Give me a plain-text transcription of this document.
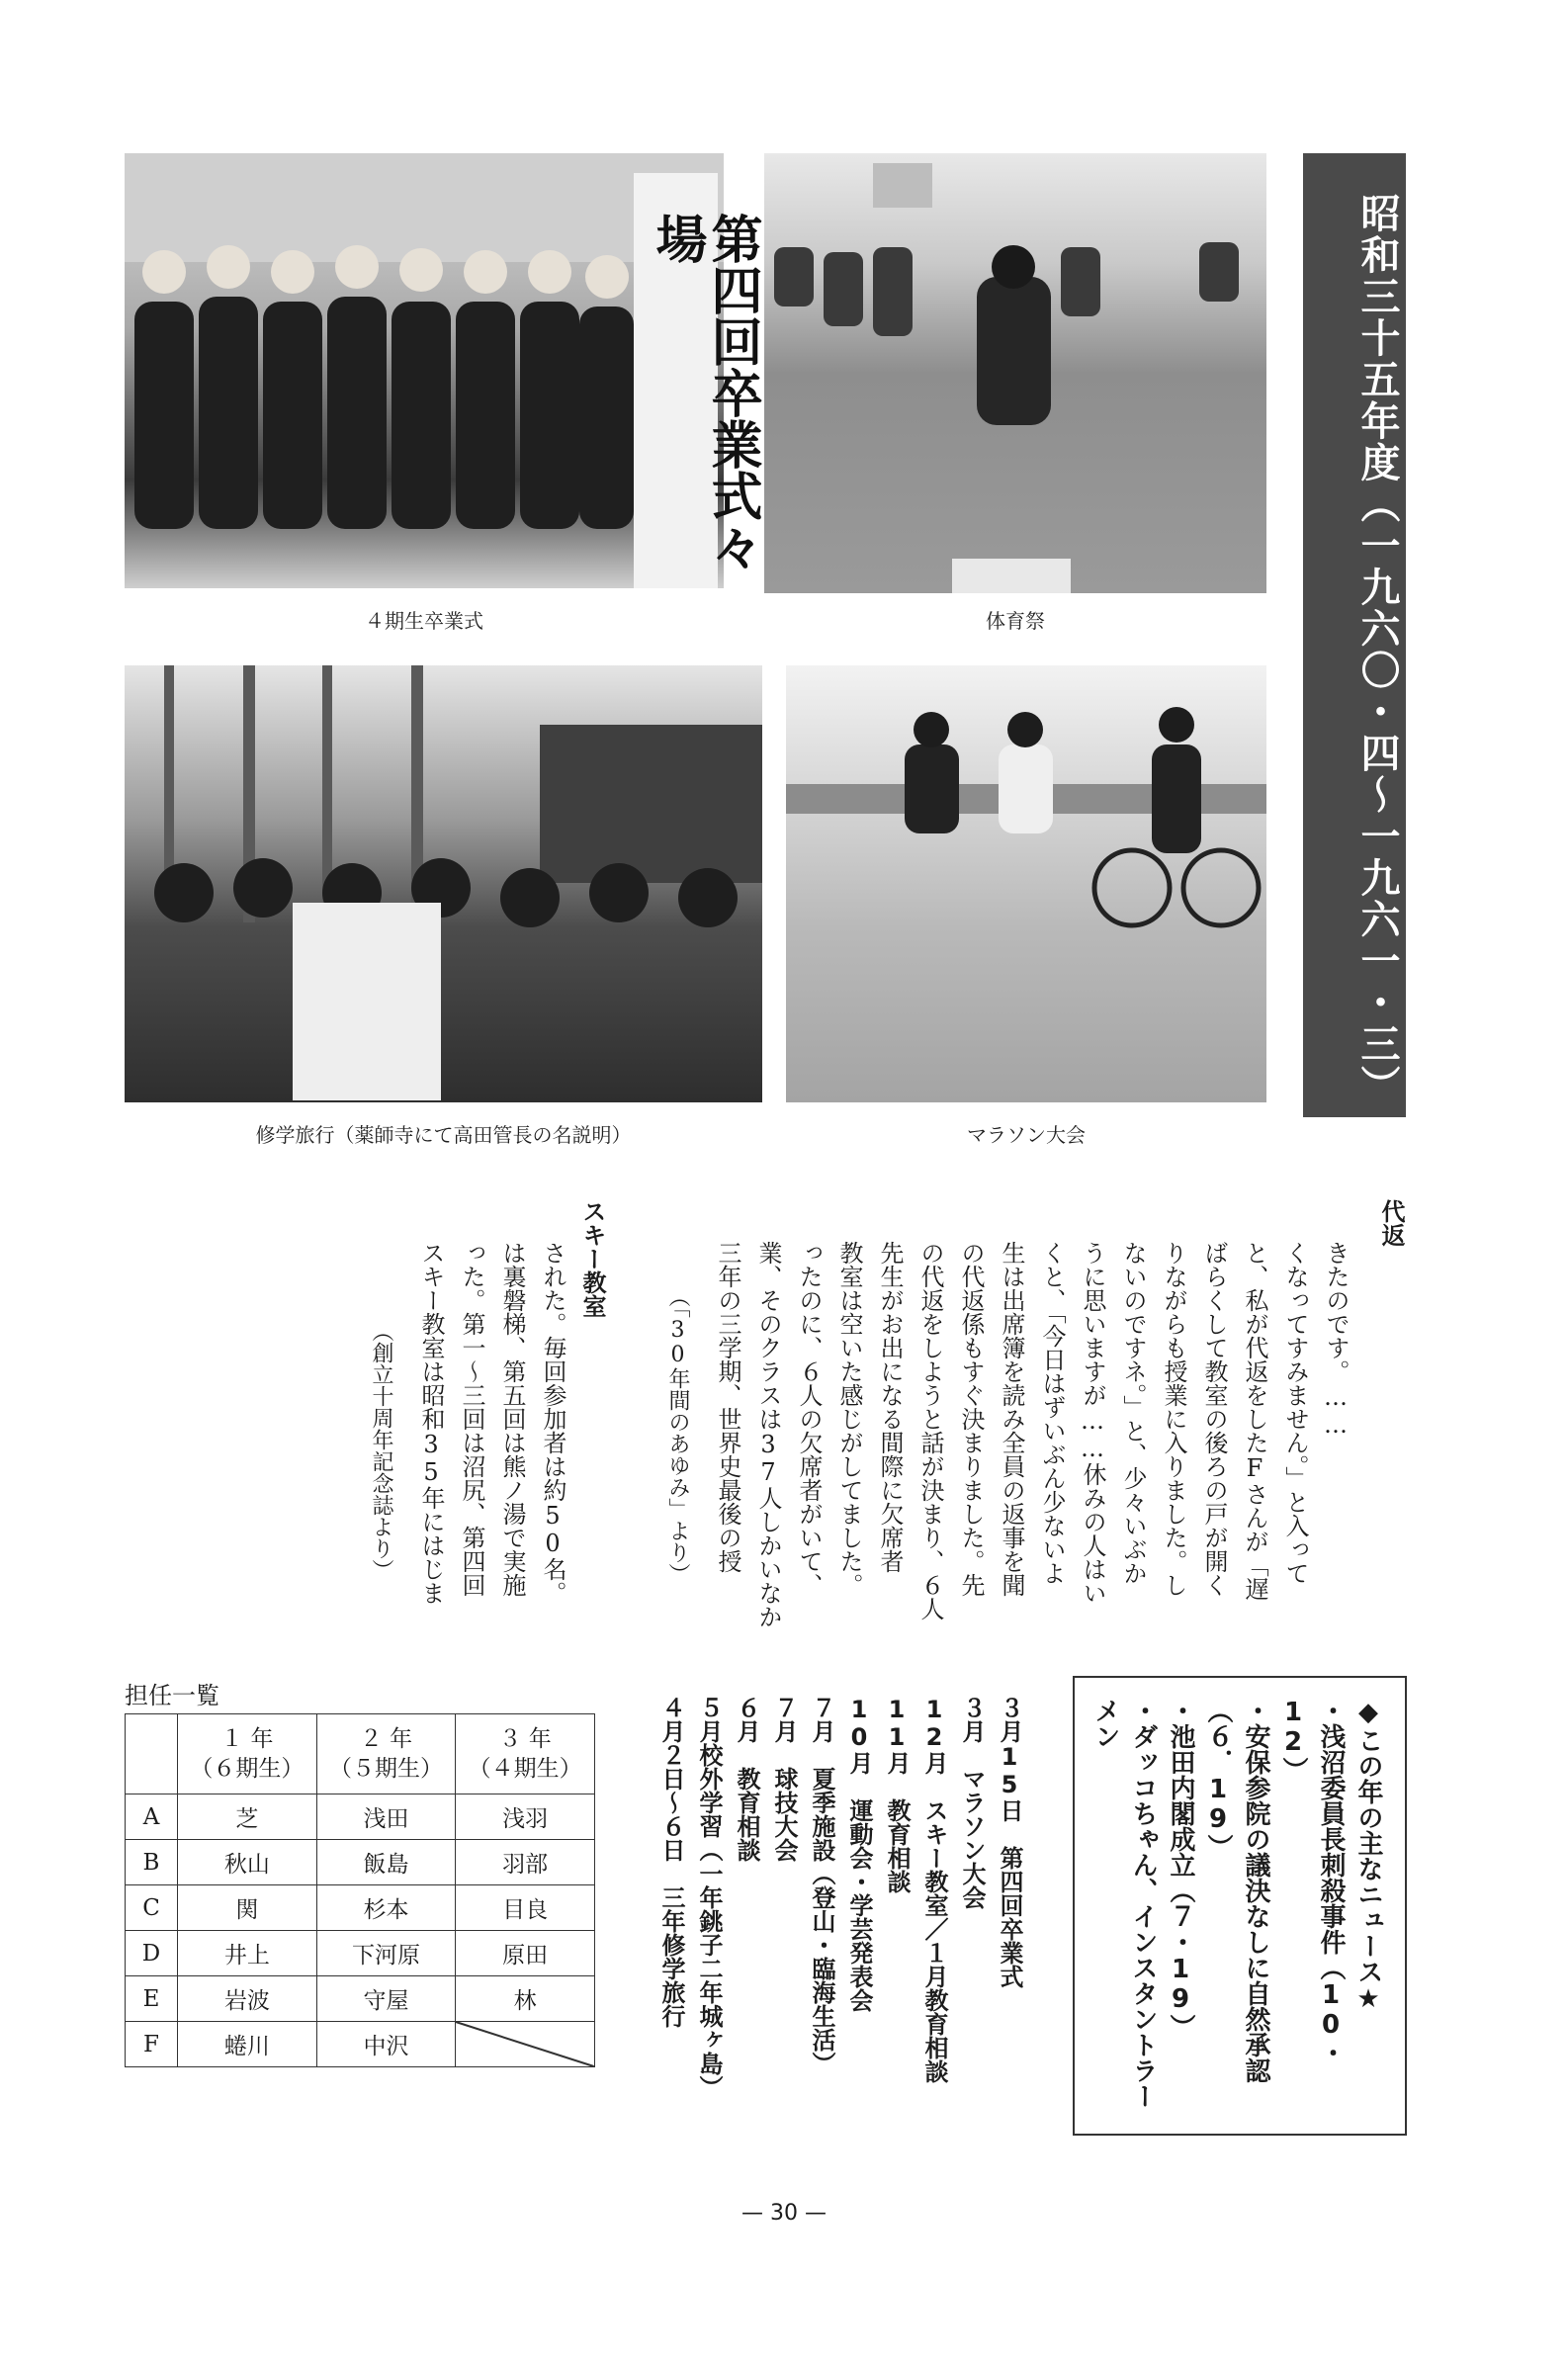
昭和三十五年度（一九六〇・四〜一九六一・三）
第四回卒業式々場
４期生卒業式	体育祭
修学旅行（薬師寺にて高田管長の名説明）	マラソン大会
代返
きたのです。……
くなってすみません。」と入って
と、私が代返をしたFさんが「遅
ばらくして教室の後ろの戸が開く
りながらも授業に入りました。し
ないのですネ。」と、少々いぶか
うに思いますが……休みの人はい
くと、「今日はずいぶん少ないよ
生は出席簿を読み全員の返事を聞
の代返係もすぐ決まりました。先
の代返をしようと話が決まり、６人
先生がお出になる間際に欠席者
教室は空いた感じがしてました。
ったのに、６人の欠席者がいて、
業、そのクラスは37人しかいなか
三年の三学期、世界史最後の授
（「30年間のあゆみ」より）
スキー教室
された。毎回参加者は約50名。
は裏磐梯、第五回は熊ノ湯で実施
った。第一〜三回は沼尻、第四回
スキー教室は昭和35年にはじま
（創立十周年記念誌より）
◆この年の主なニュース★
・浅沼委員長刺殺事件（10・12）
・安保参院の議決なしに自然承認
（６．19）
・池田内閣成立（７・19）
・ダッコちゃん、インスタントラー
メン
３月15日　第四回卒業式
３月　マラソン大会
12月　スキー教室／１月教育相談
11月　教育相談
10月　運動会・学芸発表会
７月　夏季施設（登山・臨海生活）
７月　球技大会
６月　教育相談
５月校外学習（一年銚子二年城ヶ島）
４月２日〜６日　三年修学旅行
担任一覧
	１ 年
（６期生）	２ 年
（５期生）	３ 年
（４期生）
A	芝	浅田	浅羽
B	秋山	飯島	羽部
C	関	杉本	目良
D	井上	下河原	原田
E	岩波	守屋	林
F	蜷川	中沢	
— 30 —
